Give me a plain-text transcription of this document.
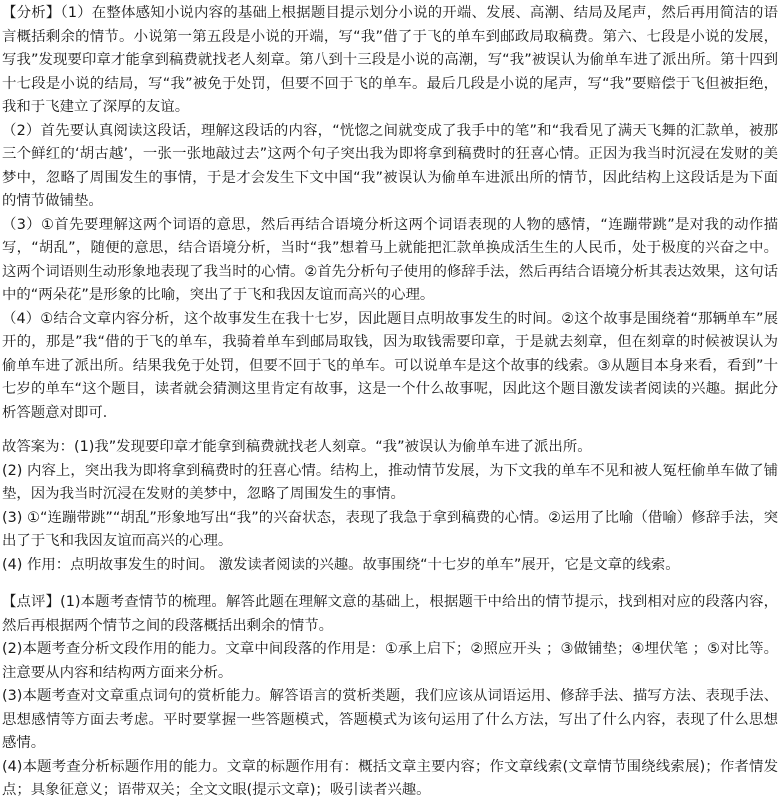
【分析】（1）在整体感知小说内容的基础上根据题目提示划分小说的开端、发展、高潮、结局及尾声，然后再用简洁的语言概括剩余的情节。小说第一第五段是小说的开端，写“我”借了于飞的单车到邮政局取稿费。第六、七段是小说的发展，写我”发现要印章才能拿到稿费就找老人刻章。第八到十三段是小说的高潮，写“我”被误认为偷单车进了派出所。第十四到十七段是小说的结局，写“我”被免于处罚，但要不回于飞的单车。最后几段是小说的尾声，写“我”要赔偿于飞但被拒绝，我和于飞建立了深厚的友谊。

（2）首先要认真阅读这段话，理解这段话的内容，“恍惚之间就变成了我手中的笔”和“我看见了满天飞舞的汇款单，被那三个鲜红的‘胡古越’，一张一张地敲过去”这两个句子突出我为即将拿到稿费时的狂喜心情。正因为我当时沉浸在发财的美梦中，忽略了周围发生的事情，于是才会发生下文中国“我”被误认为偷单车进派出所的情节，因此结构上这段话是为下面的情节做铺垫。

（3）①首先要理解这两个词语的意思，然后再结合语境分析这两个词语表现的人物的感情，“连蹦带跳”是对我的动作描写，“胡乱”，随便的意思，结合语境分析，当时“我”想着马上就能把汇款单换成活生生的人民币，处于极度的兴奋之中。这两个词语则生动形象地表现了我当时的心情。②首先分析句子使用的修辞手法，然后再结合语境分析其表达效果，这句话中的“两朵花”是形象的比喻，突出了于飞和我因友谊而高兴的心理。

（4）①结合文章内容分析，这个故事发生在我十七岁，因此题目点明故事发生的时间。②这个故事是围绕着“那辆单车”展开的，那是”我“借的于飞的单车，我骑着单车到邮局取钱，因为取钱需要印章，于是就去刻章，但在刻章的时候被误认为偷单车进了派出所。结果我免于处罚，但要不回于飞的单车。可以说单车是这个故事的线索。③从题目本身来看，看到”十七岁的单车“这个题目，读者就会猜测这里肯定有故事，这是一个什么故事呢，因此这个题目激发读者阅读的兴趣。据此分析答题意对即可．

故答案为：(1)我”发现要印章才能拿到稿费就找老人刻章。“我”被误认为偷单车进了派出所。

(2) 内容上，突出我为即将拿到稿费时的狂喜心情。结构上，推动情节发展，为下文我的单车不见和被人冤枉偷单车做了铺垫，因为我当时沉浸在发财的美梦中，忽略了周围发生的事情。

(3) ①“连蹦带跳”“胡乱”形象地写出“我”的兴奋状态，表现了我急于拿到稿费的心情。②运用了比喻（借喻）修辞手法，突出了于飞和我因友谊而高兴的心理。

(4) 作用：点明故事发生的时间。 激发读者阅读的兴趣。故事围绕“十七岁的单车”展开，它是文章的线索。

【点评】(1)本题考查情节的梳理。解答此题在理解文意的基础上，根据题干中给出的情节提示，找到相对应的段落内容，然后再根据两个情节之间的段落概括出剩余的情节。

(2)本题考查分析文段作用的能力。文章中间段落的作用是：①承上启下；②照应开头 ；③做铺垫；④埋伏笔 ；⑤对比等。注意要从内容和结构两方面来分析。

(3)本题考查对文章重点词句的赏析能力。解答语言的赏析类题，我们应该从词语运用、修辞手法、描写方法、表现手法、思想感情等方面去考虑。平时要掌握一些答题模式，答题模式为该句运用了什么方法，写出了什么内容，表现了什么思想感情。

(4)本题考查分析标题作用的能力。文章的标题作用有：概括文章主要内容；作文章线索(文章情节围绕线索展)；作者情发点；具象征意义；语带双关；全文文眼(提示文章)；吸引读者兴趣。
